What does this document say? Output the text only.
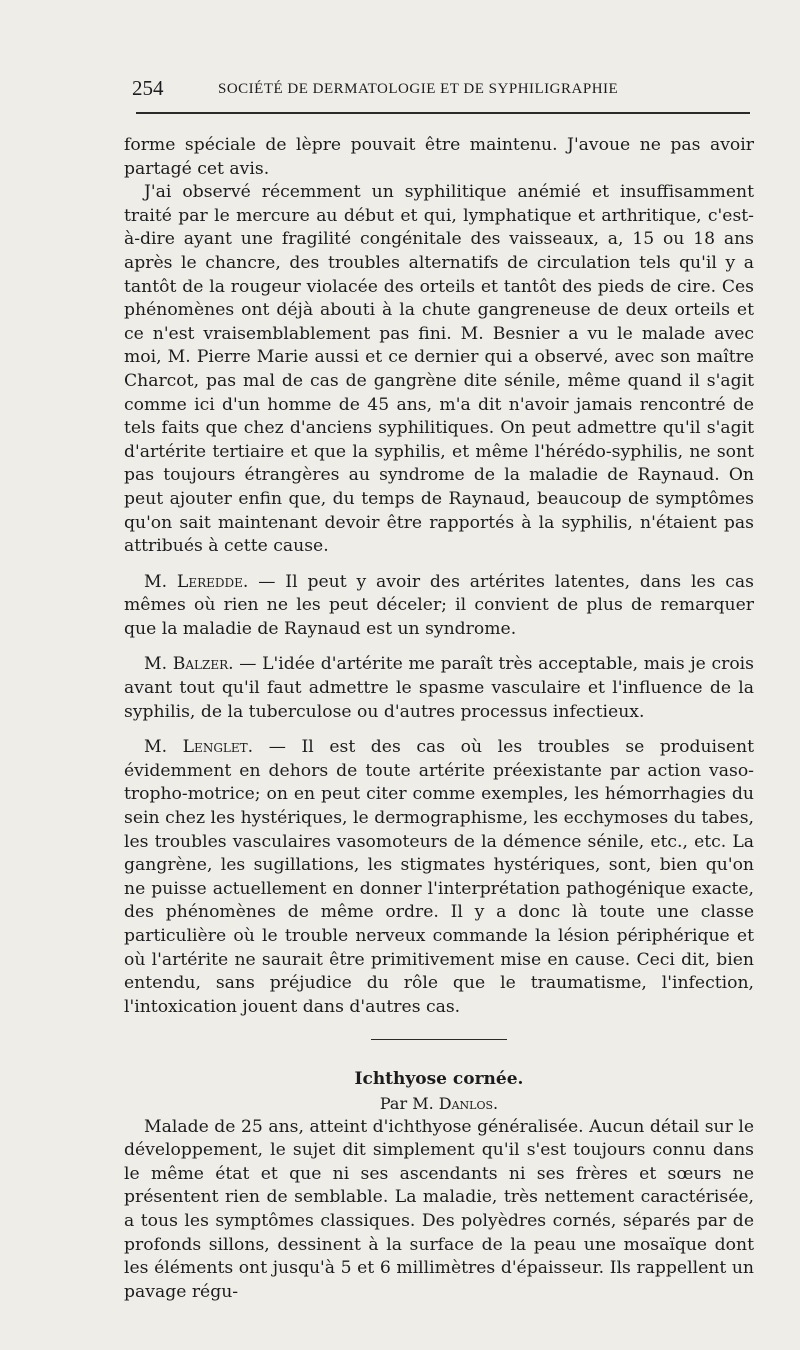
254	SOCIÉTÉ DE DERMATOLOGIE ET DE SYPHILIGRAPHIE

forme spéciale de lèpre pouvait être maintenu. J'avoue ne pas avoir partagé cet avis.

J'ai observé récemment un syphilitique anémié et insuffisamment traité par le mercure au début et qui, lymphatique et arthritique, c'est-à-dire ayant une fragilité congénitale des vaisseaux, a, 15 ou 18 ans après le chancre, des troubles alternatifs de circulation tels qu'il y a tantôt de la rougeur violacée des orteils et tantôt des pieds de cire. Ces phénomènes ont déjà abouti à la chute gangreneuse de deux orteils et ce n'est vraisemblablement pas fini. M. Besnier a vu le malade avec moi, M. Pierre Marie aussi et ce dernier qui a observé, avec son maître Charcot, pas mal de cas de gangrène dite sénile, même quand il s'agit comme ici d'un homme de 45 ans, m'a dit n'avoir jamais rencontré de tels faits que chez d'anciens syphilitiques. On peut admettre qu'il s'agit d'artérite tertiaire et que la syphilis, et même l'hérédo-syphilis, ne sont pas toujours étrangères au syndrome de la maladie de Raynaud. On peut ajouter enfin que, du temps de Raynaud, beaucoup de symptômes qu'on sait maintenant devoir être rapportés à la syphilis, n'étaient pas attribués à cette cause.

M. Leredde. — Il peut y avoir des artérites latentes, dans les cas mêmes où rien ne les peut déceler; il convient de plus de remarquer que la maladie de Raynaud est un syndrome.

M. Balzer. — L'idée d'artérite me paraît très acceptable, mais je crois avant tout qu'il faut admettre le spasme vasculaire et l'influence de la syphilis, de la tuberculose ou d'autres processus infectieux.

M. Lenglet. — Il est des cas où les troubles se produisent évidemment en dehors de toute artérite préexistante par action vaso-tropho-motrice; on en peut citer comme exemples, les hémorrhagies du sein chez les hystériques, le dermographisme, les ecchymoses du tabes, les troubles vasculaires vasomoteurs de la démence sénile, etc., etc. La gangrène, les sugillations, les stigmates hystériques, sont, bien qu'on ne puisse actuellement en donner l'interprétation pathogénique exacte, des phénomènes de même ordre. Il y a donc là toute une classe particulière où le trouble nerveux commande la lésion périphérique et où l'artérite ne saurait être primitivement mise en cause. Ceci dit, bien entendu, sans préjudice du rôle que le traumatisme, l'infection, l'intoxication jouent dans d'autres cas.

Ichthyose cornée.

Par M. Danlos.

Malade de 25 ans, atteint d'ichthyose généralisée. Aucun détail sur le développement, le sujet dit simplement qu'il s'est toujours connu dans le même état et que ni ses ascendants ni ses frères et sœurs ne présentent rien de semblable. La maladie, très nettement caractérisée, a tous les symptômes classiques. Des polyèdres cornés, séparés par de profonds sillons, dessinent à la surface de la peau une mosaïque dont les éléments ont jusqu'à 5 et 6 millimètres d'épaisseur. Ils rappellent un pavage régu-
